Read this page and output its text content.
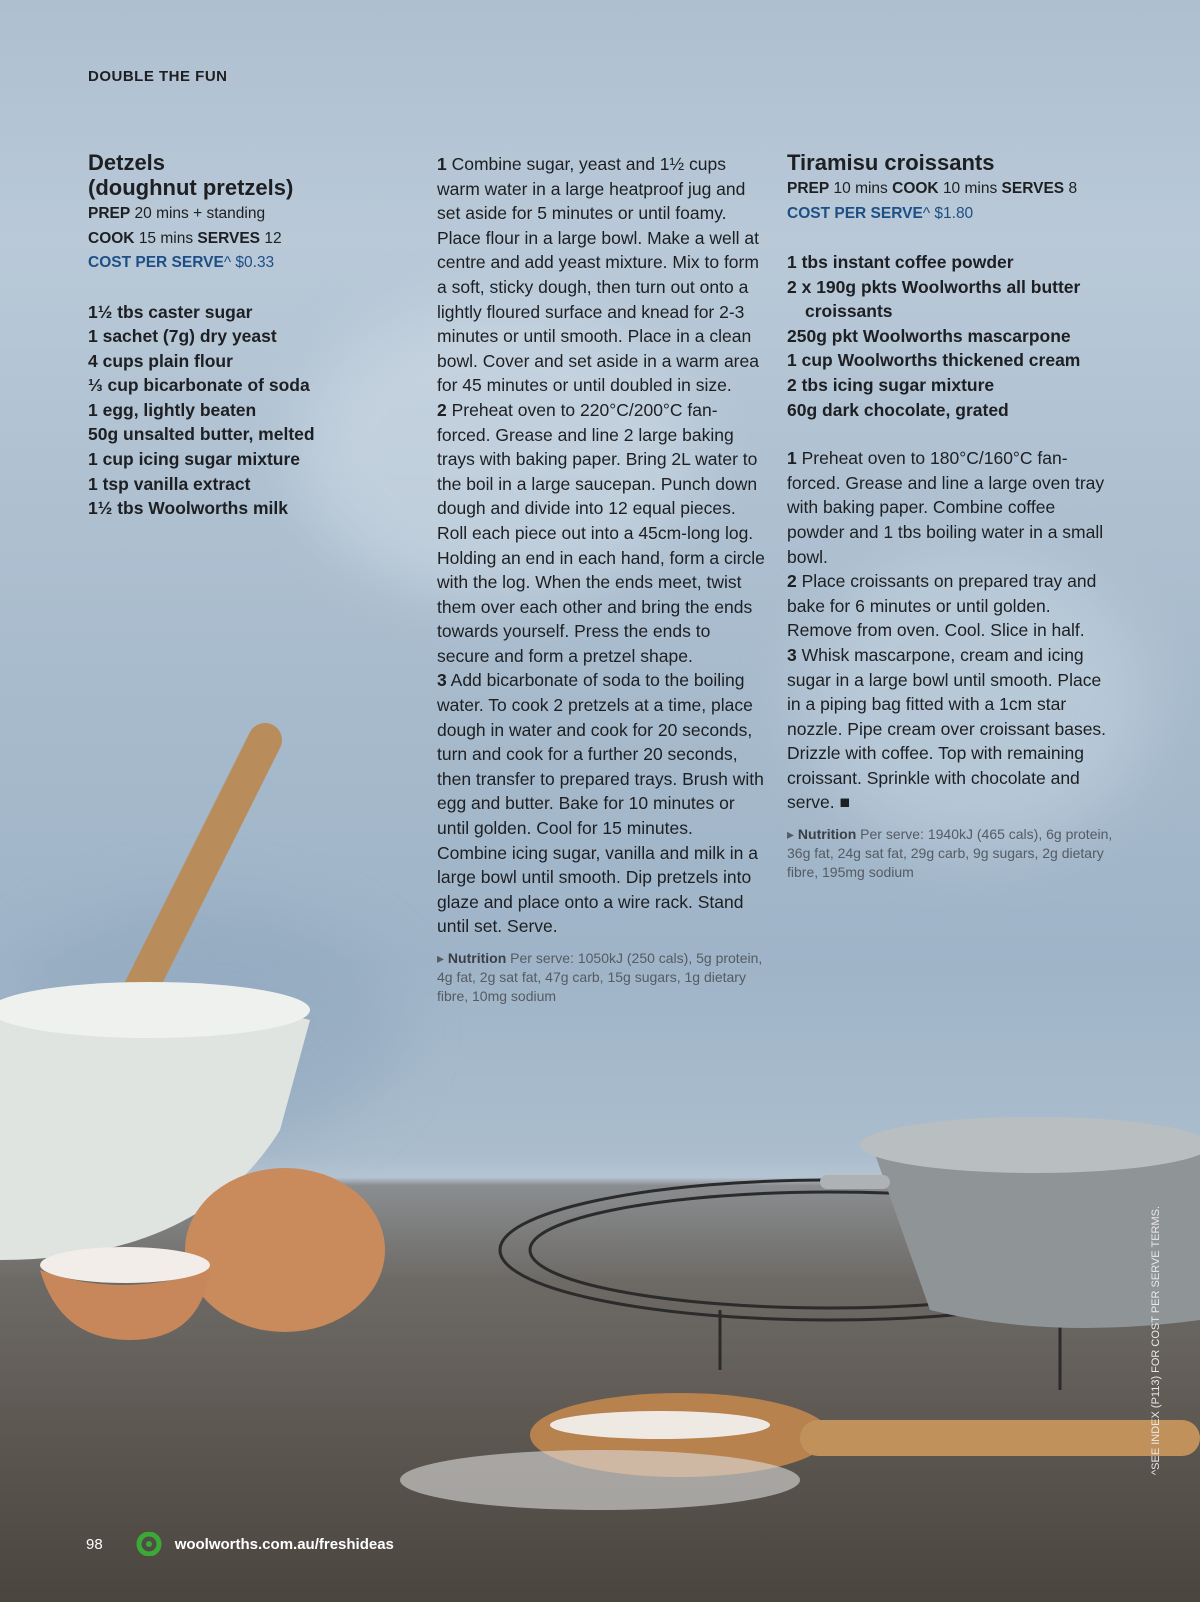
DOUBLE THE FUN
Detzels
(doughnut pretzels)
PREP 20 mins + standing
COOK 15 mins SERVES 12
COST PER SERVE^ $0.33
1½ tbs caster sugar
1 sachet (7g) dry yeast
4 cups plain flour
⅓ cup bicarbonate of soda
1 egg, lightly beaten
50g unsalted butter, melted
1 cup icing sugar mixture
1 tsp vanilla extract
1½ tbs Woolworths milk
1 Combine sugar, yeast and 1½ cups warm water in a large heatproof jug and set aside for 5 minutes or until foamy. Place flour in a large bowl. Make a well at centre and add yeast mixture. Mix to form a soft, sticky dough, then turn out onto a lightly floured surface and knead for 2-3 minutes or until smooth. Place in a clean bowl. Cover and set aside in a warm area for 45 minutes or until doubled in size.
2 Preheat oven to 220°C/200°C fan-forced. Grease and line 2 large baking trays with baking paper. Bring 2L water to the boil in a large saucepan. Punch down dough and divide into 12 equal pieces. Roll each piece out into a 45cm-long log. Holding an end in each hand, form a circle with the log. When the ends meet, twist them over each other and bring the ends towards yourself. Press the ends to secure and form a pretzel shape.
3 Add bicarbonate of soda to the boiling water. To cook 2 pretzels at a time, place dough in water and cook for 20 seconds, turn and cook for a further 20 seconds, then transfer to prepared trays. Brush with egg and butter. Bake for 10 minutes or until golden. Cool for 15 minutes. Combine icing sugar, vanilla and milk in a large bowl until smooth. Dip pretzels into glaze and place onto a wire rack. Stand until set. Serve.
▸ Nutrition Per serve: 1050kJ (250 cals), 5g protein, 4g fat, 2g sat fat, 47g carb, 15g sugars, 1g dietary fibre, 10mg sodium
Tiramisu croissants
PREP 10 mins COOK 10 mins SERVES 8
COST PER SERVE^ $1.80
1 tbs instant coffee powder
2 x 190g pkts Woolworths all butter
croissants
250g pkt Woolworths mascarpone
1 cup Woolworths thickened cream
2 tbs icing sugar mixture
60g dark chocolate, grated
1 Preheat oven to 180°C/160°C fan-forced. Grease and line a large oven tray with baking paper. Combine coffee powder and 1 tbs boiling water in a small bowl.
2 Place croissants on prepared tray and bake for 6 minutes or until golden. Remove from oven. Cool. Slice in half.
3 Whisk mascarpone, cream and icing sugar in a large bowl until smooth. Place in a piping bag fitted with a 1cm star nozzle. Pipe cream over croissant bases. Drizzle with coffee. Top with remaining croissant. Sprinkle with chocolate and serve. ■
▸ Nutrition Per serve: 1940kJ (465 cals), 6g protein, 36g fat, 24g sat fat, 29g carb, 9g sugars, 2g dietary fibre, 195mg sodium
98	woolworths.com.au/freshideas
^SEE INDEX (P113) FOR COST PER SERVE TERMS.
